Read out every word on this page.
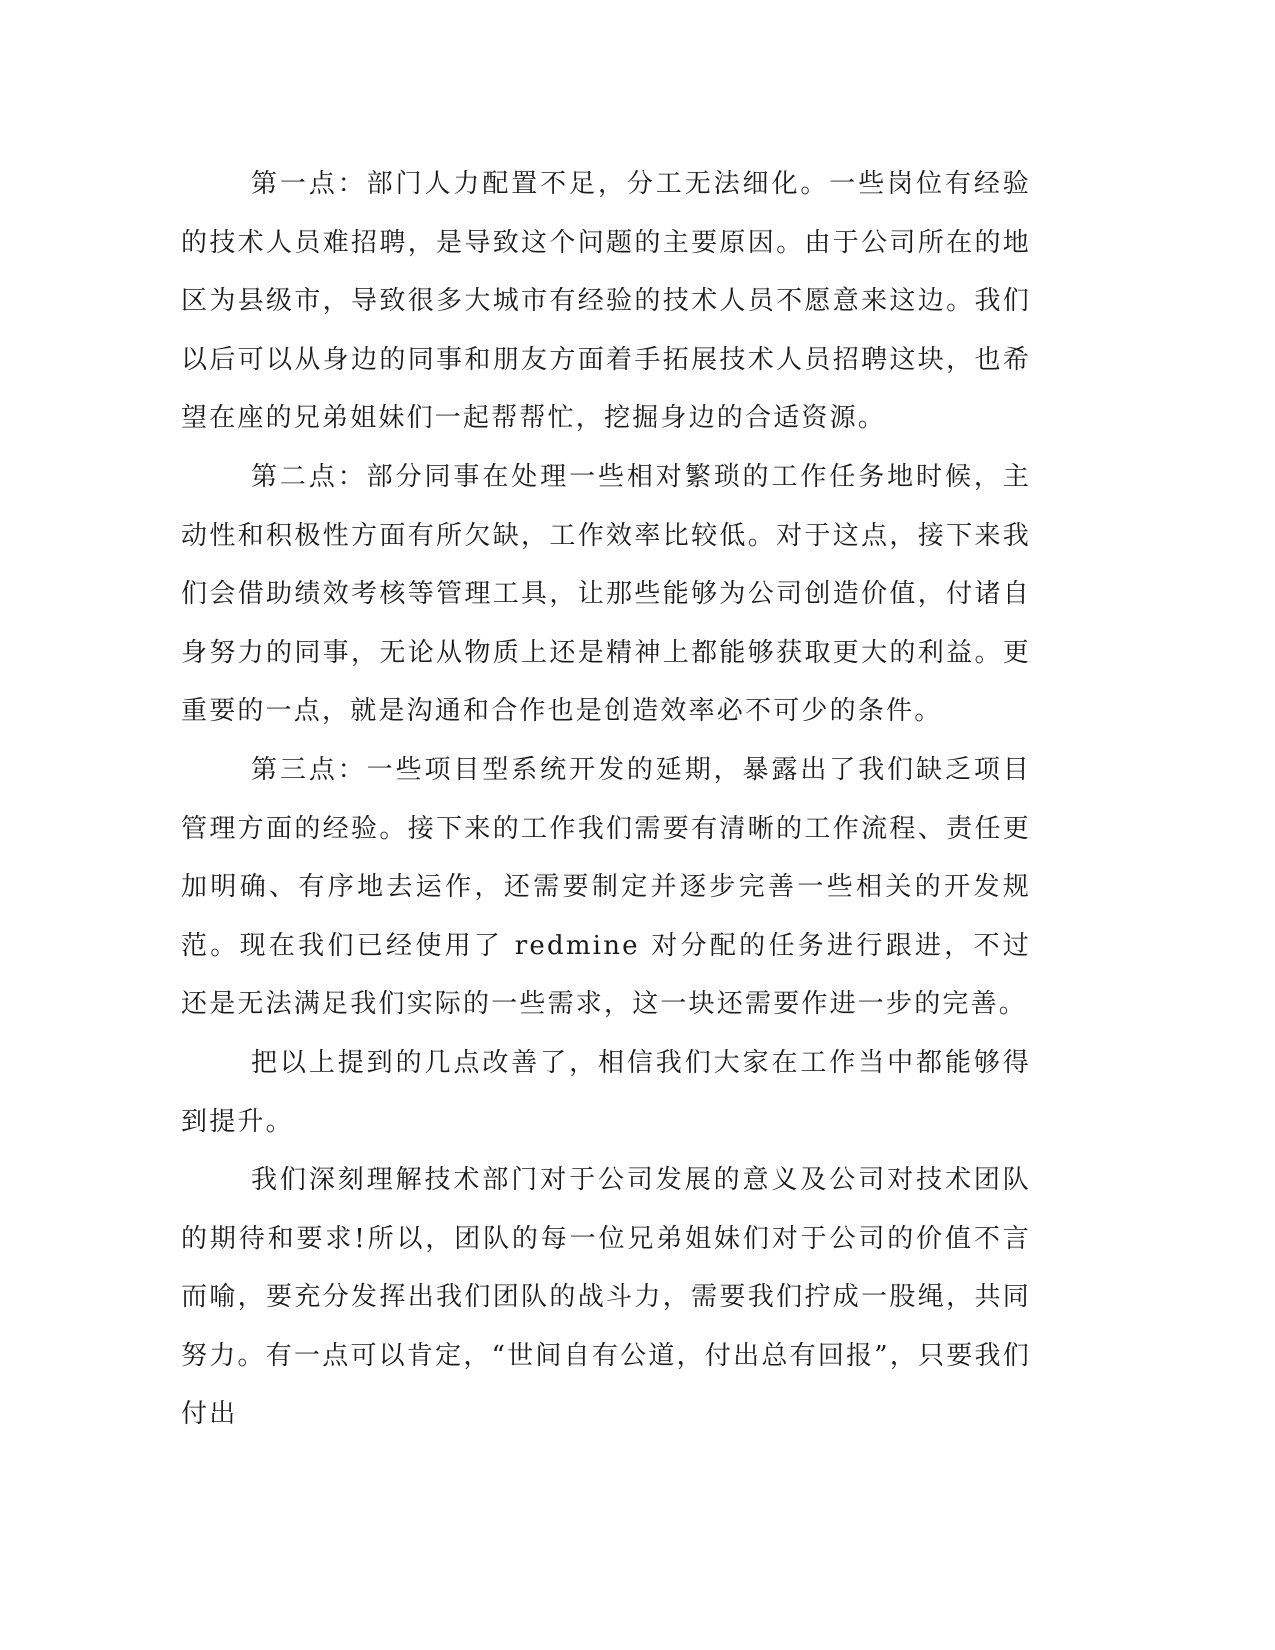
第一点：部门人力配置不足，分工无法细化。一些岗位有经验的技术人员难招聘，是导致这个问题的主要原因。由于公司所在的地区为县级市，导致很多大城市有经验的技术人员不愿意来这边。我们以后可以从身边的同事和朋友方面着手拓展技术人员招聘这块，也希望在座的兄弟姐妹们一起帮帮忙，挖掘身边的合适资源。

第二点：部分同事在处理一些相对繁琐的工作任务地时候，主动性和积极性方面有所欠缺，工作效率比较低。对于这点，接下来我们会借助绩效考核等管理工具，让那些能够为公司创造价值，付诸自身努力的同事，无论从物质上还是精神上都能够获取更大的利益。更重要的一点，就是沟通和合作也是创造效率必不可少的条件。

第三点：一些项目型系统开发的延期，暴露出了我们缺乏项目管理方面的经验。接下来的工作我们需要有清晰的工作流程、责任更加明确、有序地去运作，还需要制定并逐步完善一些相关的开发规范。现在我们已经使用了 redmine 对分配的任务进行跟进，不过还是无法满足我们实际的一些需求，这一块还需要作进一步的完善。

把以上提到的几点改善了，相信我们大家在工作当中都能够得到提升。

我们深刻理解技术部门对于公司发展的意义及公司对技术团队的期待和要求!所以，团队的每一位兄弟姐妹们对于公司的价值不言而喻，要充分发挥出我们团队的战斗力，需要我们拧成一股绳，共同努力。有一点可以肯定，“世间自有公道，付出总有回报”，只要我们付出
